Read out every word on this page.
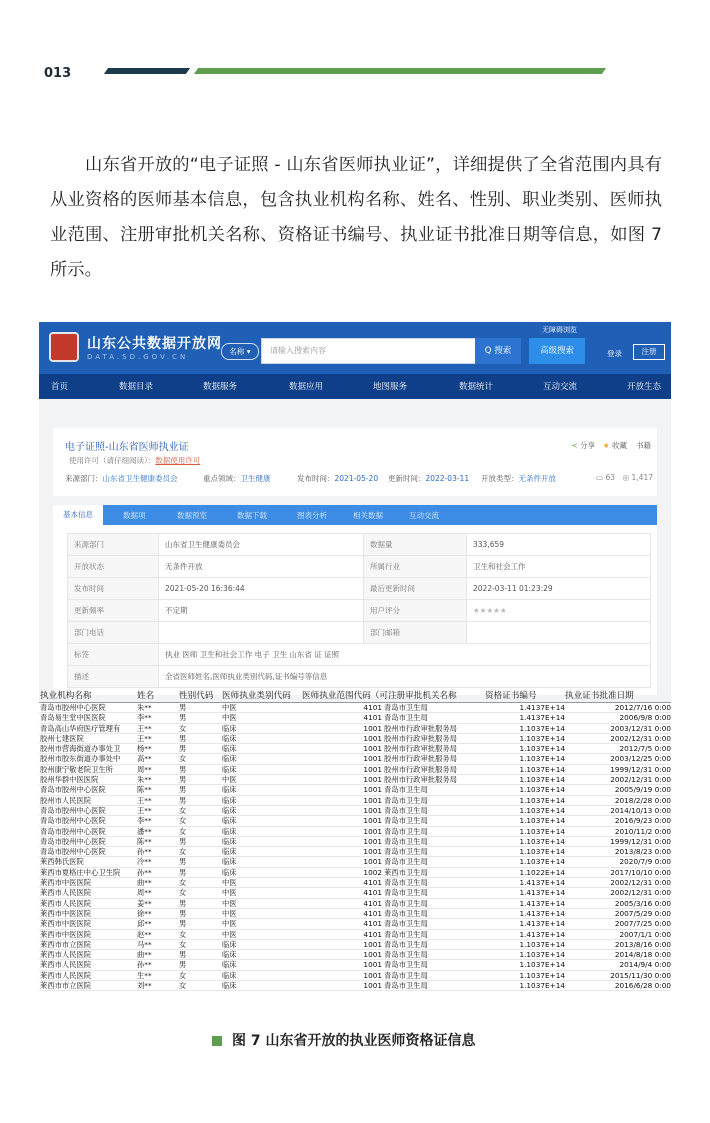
013

山东省开放的“电子证照 - 山东省医师执业证”，详细提供了全省范围内具有从业资格的医师基本信息，包含执业机构名称、姓名、性别、职业类别、医师执业范围、注册审批机关名称、资格证书编号、执业证书批准日期等信息，如图 7 所示。

山东公共数据开放网
DATA.SD.GOV.CN
名称 ▾	请输入搜索内容	Q 搜索	高级搜索
无障碍浏览
登录	注册
首页	数据目录	数据服务	数据应用	地图服务	数据统计	互动交流	开放生态
电子证照-山东省医师执业证
使用许可（请仔细阅读）：数据使用许可
来源部门：山东省卫生健康委员会	重点领域：卫生健康	发布时间：2021-05-20 更新时间：2022-03-11 开放类型：无条件开放
< 分享 ★ 收藏 书籍
▭ 63 ◎ 1,417
基本信息	数据项	数据预览	数据下载	图表分析	相关数据	互动交流
来源部门	山东省卫生健康委员会	数据量	333,659
开放状态	无条件开放	所属行业	卫生和社会工作
发布时间	2021-05-20 16:36:44	最后更新时间	2022-03-11 01:23:29
更新频率	不定期	用户评分	★★★★★
部门电话		部门邮箱	
标签	执业 医师 卫生和社会工作 电子 卫生 山东省 证 证照		
描述	全省医师姓名,医师执业类别代码,证书编号等信息		
执业机构名称	姓名	性别代码	医师执业类别代码	医师执业范围代码（可注册审批机关名称	资格证书编号	执业证书批准日期
青岛市胶州中心医院	朱**	男	中医	4101 青岛市卫生局	1.4137E+14	2012/7/16 0:00
青岛易生堂中医医院	李**	男	中医	4101 青岛市卫生局	1.4137E+14	2006/9/8 0:00
青岛高山华府医疗管理有	王**	女	临床	1001 胶州市行政审批服务局	1.1037E+14	2003/12/31 0:00
胶州七建医院	王**	男	临床	1001 胶州市行政审批服务局	1.1037E+14	2002/12/31 0:00
胶州市营海街道办事处卫	杨**	男	临床	1001 胶州市行政审批服务局	1.1037E+14	2012/7/5 0:00
胶州市胶东街道办事处中	高**	女	临床	1001 胶州市行政审批服务局	1.1037E+14	2003/12/25 0:00
胶州康宁敬老院卫生所	周**	男	临床	1001 胶州市行政审批服务局	1.1037E+14	1999/12/31 0:00
胶州华群中医医院	朱**	男	中医	1001 胶州市行政审批服务局	1.1037E+14	2002/12/31 0:00
青岛市胶州中心医院	陈**	男	临床	1001 青岛市卫生局	1.1037E+14	2005/9/19 0:00
胶州市人民医院	王**	男	临床	1001 青岛市卫生局	1.1037E+14	2018/2/28 0:00
青岛市胶州中心医院	王**	女	临床	1001 青岛市卫生局	1.1037E+14	2014/10/13 0:00
青岛市胶州中心医院	李**	女	临床	1001 青岛市卫生局	1.1037E+14	2016/9/23 0:00
青岛市胶州中心医院	潘**	女	临床	1001 青岛市卫生局	1.1037E+14	2010/11/2 0:00
青岛市胶州中心医院	陈**	男	临床	1001 青岛市卫生局	1.1037E+14	1999/12/31 0:00
青岛市胶州中心医院	孙**	女	临床	1001 青岛市卫生局	1.1037E+14	2013/8/23 0:00
莱西韩氏医院	冷**	男	临床	1001 青岛市卫生局	1.1037E+14	2020/7/9 0:00
莱西市夏格庄中心卫生院	孙**	男	临床	1002 莱西市卫生局	1.1022E+14	2017/10/10 0:00
莱西市中医医院	曲**	女	中医	4101 青岛市卫生局	1.4137E+14	2002/12/31 0:00
莱西市人民医院	周**	女	中医	4101 青岛市卫生局	1.4137E+14	2002/12/31 0:00
莱西市人民医院	姜**	男	中医	4101 青岛市卫生局	1.4137E+14	2005/3/16 0:00
莱西市中医医院	徐**	男	中医	4101 青岛市卫生局	1.4137E+14	2007/5/29 0:00
莱西市中医医院	邱**	男	中医	4101 青岛市卫生局	1.4137E+14	2007/7/25 0:00
莱西市中医医院	赵**	女	中医	4101 青岛市卫生局	1.4137E+14	2007/1/1 0:00
莱西市市立医院	马**	女	临床	1001 青岛市卫生局	1.1037E+14	2013/8/16 0:00
莱西市人民医院	曲**	男	临床	1001 青岛市卫生局	1.1037E+14	2014/8/18 0:00
莱西市人民医院	孙**	男	临床	1001 青岛市卫生局	1.1037E+14	2014/9/4 0:00
莱西市人民医院	生**	女	临床	1001 青岛市卫生局	1.1037E+14	2015/11/30 0:00
莱西市市立医院	刘**	女	临床	1001 青岛市卫生局	1.1037E+14	2016/6/28 0:00
图 7 山东省开放的执业医师资格证信息
